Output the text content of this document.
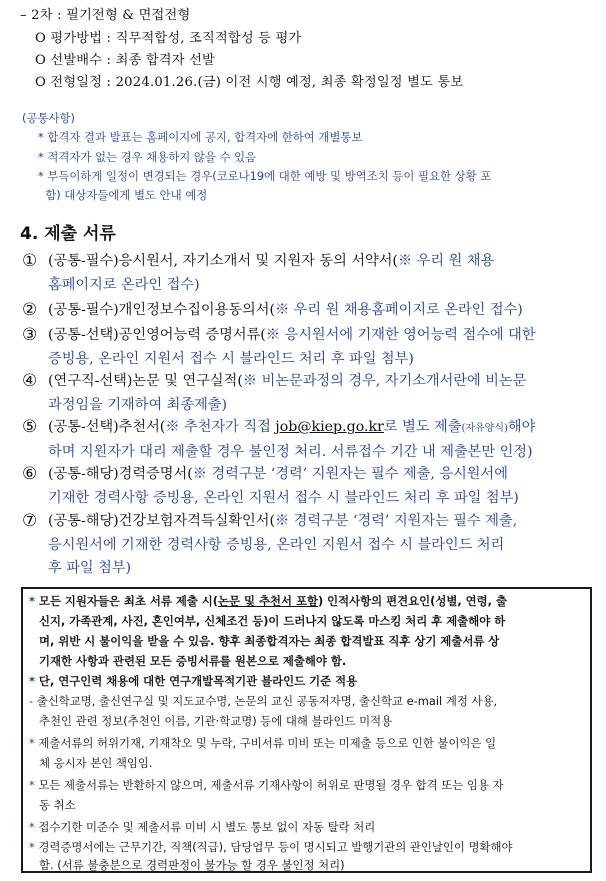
– 2차 : 필기전형 & 면접전형
O 평가방법 : 직무적합성, 조직적합성 등 평가
O 선발배수 : 최종 합격자 선발
O 전형일정 : 2024.01.26.(금) 이전 시행 예정, 최종 확정일정 별도 통보
(공통사항)
* 합격자 결과 발표는 홈페이지에 공지, 합격자에 한하여 개별통보
* 적격자가 없는 경우 채용하지 않을 수 있음
* 부득이하게 일정이 변경되는 경우(코로나19에 대한 예방 및 방역조치 등이 필요한 상황 포
함) 대상자들에게 별도 안내 예정
4. 제출 서류
① (공통-필수)응시원서, 자기소개서 및 지원자 동의 서약서(※ 우리 원 채용
홈페이지로 온라인 접수)
② (공통-필수)개인정보수집이용동의서(※ 우리 원 채용홈페이지로 온라인 접수)
③ (공통-선택)공인영어능력 증명서류(※ 응시원서에 기재한 영어능력 점수에 대한
증빙용, 온라인 지원서 접수 시 블라인드 처리 후 파일 첨부)
④ (연구직-선택)논문 및 연구실적(※ 비논문과정의 경우, 자기소개서란에 비논문
과정임을 기재하여 최종제출)
⑤ (공통-선택)추천서(※ 추천자가 직접 job@kiep.go.kr로 별도 제출(자유양식)해야
하며 지원자가 대리 제출할 경우 불인정 처리. 서류접수 기간 내 제출본만 인정)
⑥ (공통-해당)경력증명서(※ 경력구분 ‘경력’ 지원자는 필수 제출, 응시원서에
기재한 경력사항 증빙용, 온라인 지원서 접수 시 블라인드 처리 후 파일 첨부)
⑦ (공통-해당)건강보험자격득실확인서(※ 경력구분 ‘경력’ 지원자는 필수 제출,
응시원서에 기재한 경력사항 증빙용, 온라인 지원서 접수 시 블라인드 처리
후 파일 첨부)
* 모든 지원자들은 최초 서류 제출 시(논문 및 추천서 포함) 인적사항의 편견요인(성별, 연령, 출
신지, 가족관계, 사진, 혼인여부, 신체조건 등)이 드러나지 않도록 마스킹 처리 후 제출해야 하
며, 위반 시 불이익을 받을 수 있음. 향후 최종합격자는 최종 합격발표 직후 상기 제출서류 상
기재한 사항과 관련된 모든 증빙서류를 원본으로 제출해야 함.
* 단, 연구인력 채용에 대한 연구개발목적기관 블라인드 기준 적용
- 출신학교명, 출신연구실 및 지도교수명, 논문의 교신 공동저자명, 출신학교 e-mail 계정 사용,
추천인 관련 정보(추천인 이름, 기관·학교명) 등에 대해 블라인드 미적용
* 제출서류의 허위기재, 기재착오 및 누락, 구비서류 미비 또는 미제출 등으로 인한 불이익은 일
체 응시자 본인 책임임.
* 모든 제출서류는 반환하지 않으며, 제출서류 기재사항이 허위로 판명될 경우 합격 또는 임용 자
동 취소
* 접수기한 미준수 및 제출서류 미비 시 별도 통보 없이 자동 탈락 처리
* 경력증명서에는 근무기간, 직책(직급), 담당업무 등이 명시되고 발행기관의 관인날인이 명확해야
함. (서류 불충분으로 경력판정이 불가능 할 경우 불인정 처리)
